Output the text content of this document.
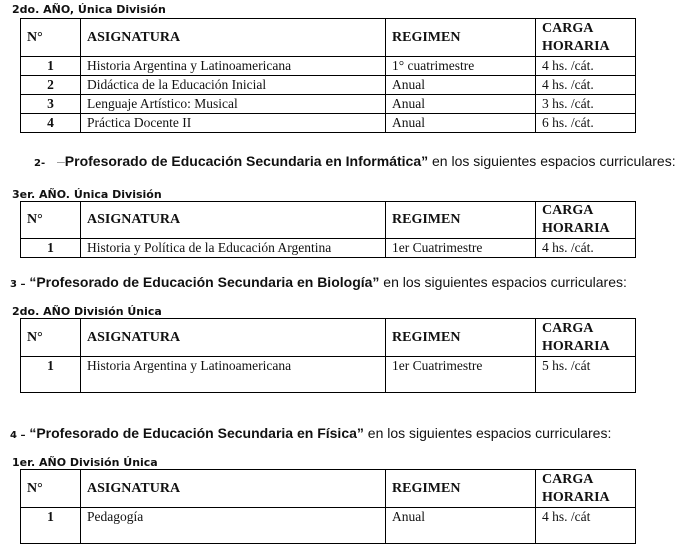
2do. AÑO, Única División
N°	ASIGNATURA	REGIMEN	CARGA
HORARIA
1	Historia Argentina y Latinoamericana	1° cuatrimestre	4 hs. /cát.
2	Didáctica de la Educación Inicial	Anual	4 hs. /cát.
3	Lenguaje Artístico: Musical	Anual	3 hs. /cát.
4	Práctica Docente II	Anual	6 hs. /cát.
2- –Profesorado de Educación Secundaria en Informática” en los siguientes espacios curriculares:
3er. AÑO. Única División
N°	ASIGNATURA	REGIMEN	CARGA
HORARIA
1	Historia y Política de la Educación Argentina	1er Cuatrimestre	4 hs. /cát.
3 – “Profesorado de Educación Secundaria en Biología” en los siguientes espacios curriculares:
2do. AÑO División Única
N°	ASIGNATURA	REGIMEN	CARGA
HORARIA
1	Historia Argentina y Latinoamericana	1er Cuatrimestre	5 hs. /cát
4 – “Profesorado de Educación Secundaria en Física” en los siguientes espacios curriculares:
1er. AÑO División Única
N°	ASIGNATURA	REGIMEN	CARGA
HORARIA
1	Pedagogía	Anual	4 hs. /cát
